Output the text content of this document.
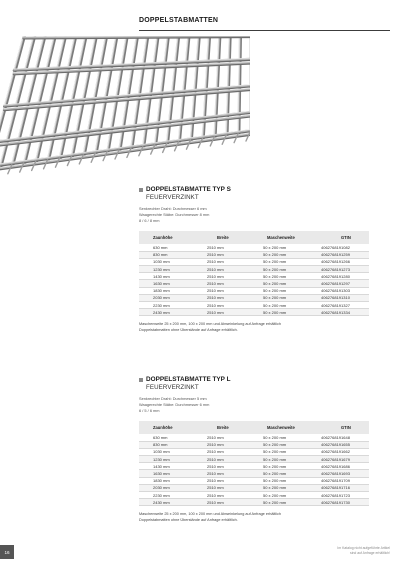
DOPPELSTABMATTEN
DOPPELSTABMATTE TYP S
FEUERVERZINKT
Senkrechter Draht: Durchmesser 6 mm
Waagerechte Stäbe: Durchmesser 8 mm
8 / 6 / 8 mm
Zaunhöhe	Breite	Maschenweite	GTIN
630 mm	2510 mm	50 x 200 mm	4062768191082
830 mm	2510 mm	50 x 200 mm	4062768191259
1030 mm	2510 mm	50 x 200 mm	4062768191266
1230 mm	2510 mm	50 x 200 mm	4062768191273
1430 mm	2510 mm	50 x 200 mm	4062768191280
1630 mm	2510 mm	50 x 200 mm	4062768191297
1830 mm	2510 mm	50 x 200 mm	4062768191303
2030 mm	2510 mm	50 x 200 mm	4062768191310
2230 mm	2510 mm	50 x 200 mm	4062768191327
2430 mm	2510 mm	50 x 200 mm	4062768191334
Maschenweite 25 x 200 mm, 100 x 200 mm und Abweinkelung auf Anfrage erhältlich
Doppelstabmatten ohne Überstände auf Anfrage erhältlich.
DOPPELSTABMATTE TYP L
FEUERVERZINKT
Senkrechter Draht: Durchmesser 5 mm
Waagerechte Stäbe: Durchmesser 6 mm
6 / 5 / 6 mm
Zaunhöhe	Breite	Maschenweite	GTIN
630 mm	2510 mm	50 x 200 mm	4062768191648
830 mm	2510 mm	50 x 200 mm	4062768191655
1030 mm	2510 mm	50 x 200 mm	4062768191662
1230 mm	2510 mm	50 x 200 mm	4062768191679
1430 mm	2510 mm	50 x 200 mm	4062768191686
1630 mm	2510 mm	50 x 200 mm	4062768191693
1830 mm	2510 mm	50 x 200 mm	4062768191709
2030 mm	2510 mm	50 x 200 mm	4062768191716
2230 mm	2510 mm	50 x 200 mm	4062768191723
2430 mm	2510 mm	50 x 200 mm	4062768191730
Maschenweite 25 x 200 mm, 100 x 200 mm und Abweinkelung auf Anfrage erhältlich
Doppelstabmatten ohne Überstände auf Anfrage erhältlich.
16
Im Katalog nicht aufgeführte Artikel
sind auf Anfrage erhältlich!
